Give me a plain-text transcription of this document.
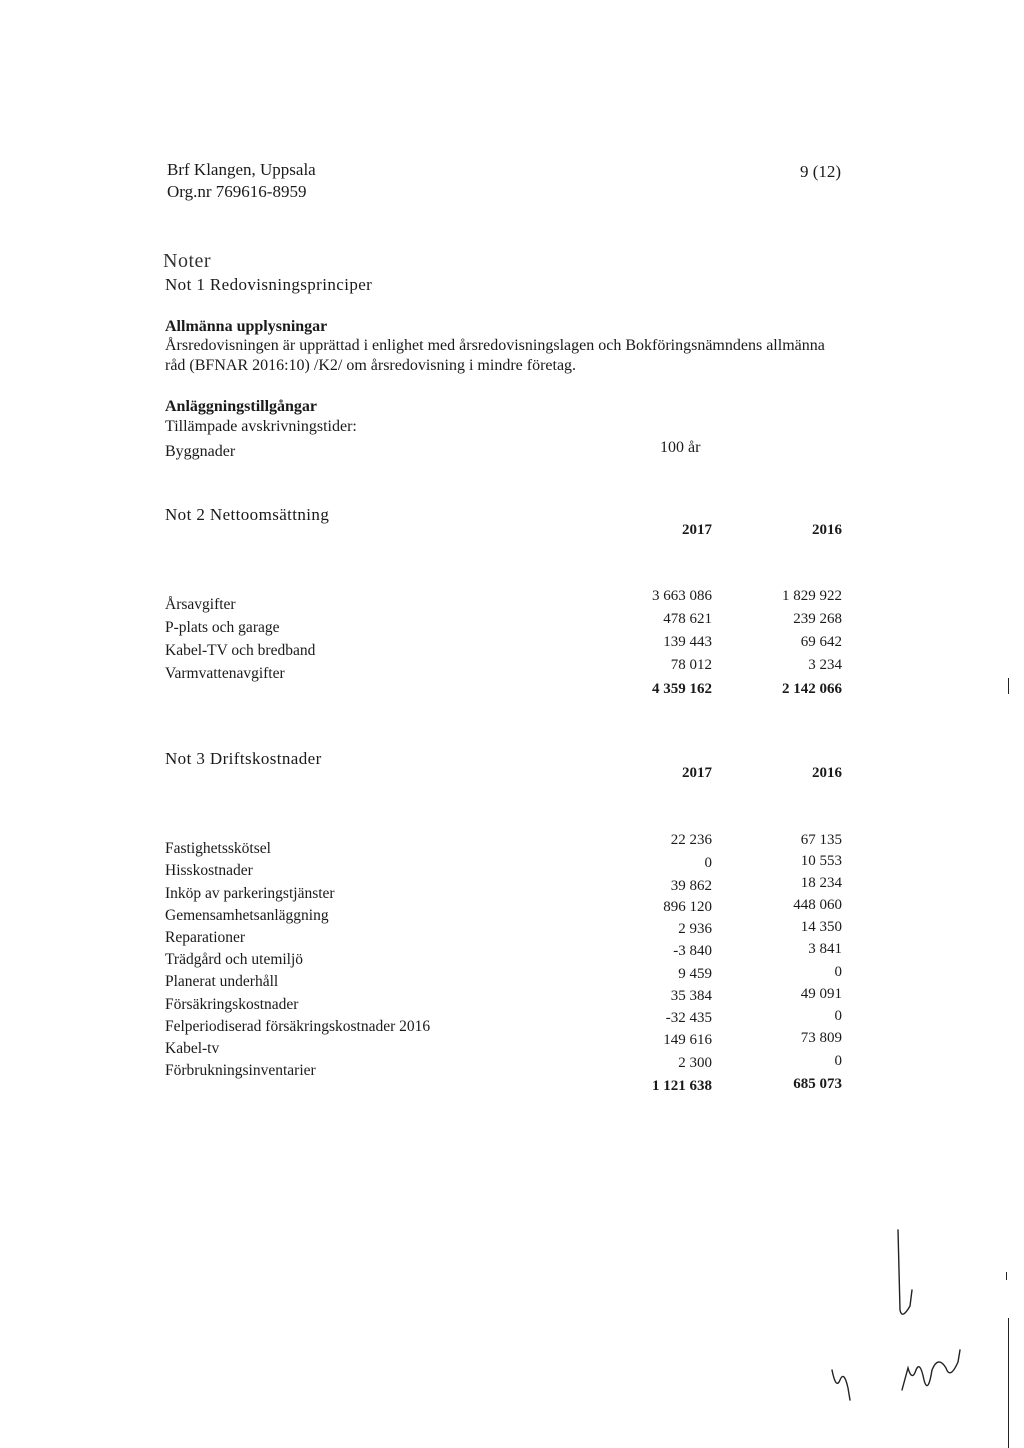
Brf Klangen, Uppsala
Org.nr 769616-8959
9 (12)
Noter
Not 1 Redovisningsprinciper
Allmänna upplysningar
Årsredovisningen är upprättad i enlighet med årsredovisningslagen och Bokföringsnämndens allmänna
råd (BFNAR 2016:10) /K2/ om årsredovisning i mindre företag.
Anläggningstillgångar
Tillämpade avskrivningstider:
Byggnader	100 år
Not 2 Nettoomsättning
2017	2016
Årsavgifter	3 663 086	1 829 922
P-plats och garage	478 621	239 268
Kabel-TV och bredband	139 443	69 642
Varmvattenavgifter	78 012	3 234
4 359 162	2 142 066
Not 3 Driftskostnader
2017	2016
Fastighetsskötsel	22 236	67 135
Hisskostnader	0	10 553
Inköp av parkeringstjänster	39 862	18 234
Gemensamhetsanläggning	896 120	448 060
Reparationer	2 936	14 350
Trädgård och utemiljö	-3 840	3 841
Planerat underhåll	9 459	0
Försäkringskostnader	35 384	49 091
Felperiodiserad försäkringskostnader 2016	-32 435	0
Kabel-tv	149 616	73 809
Förbrukningsinventarier	2 300	0
1 121 638	685 073
